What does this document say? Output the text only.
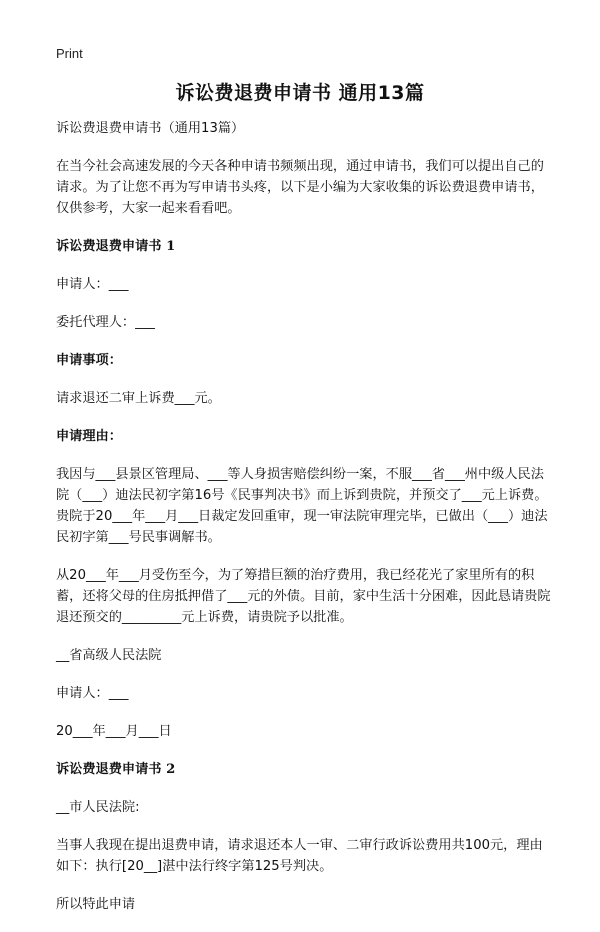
Print
诉讼费退费申请书 通用13篇

诉讼费退费申请书（通用13篇）

在当今社会高速发展的今天各种申请书频频出现，通过申请书，我们可以提出自己的请求。为了让您不再为写申请书头疼，以下是小编为大家收集的诉讼费退费申请书，仅供参考，大家一起来看看吧。

诉讼费退费申请书 1

申请人：___

委托代理人：___

申请事项：

请求退还二审上诉费___元。

申请理由：

我因与___县景区管理局、___等人身损害赔偿纠纷一案，不服___省___州中级人民法院（___）迪法民初字第16号《民事判决书》而上诉到贵院，并预交了___元上诉费。贵院于20___年___月___日裁定发回重审，现一审法院审理完毕，已做出（___）迪法民初字第___号民事调解书。

从20___年___月受伤至今，为了筹措巨额的治疗费用，我已经花光了家里所有的积蓄，还将父母的住房抵押借了___元的外债。目前，家中生活十分困难，因此恳请贵院退还预交的_________元上诉费，请贵院予以批准。

__省高级人民法院

申请人：___

20___年___月___日

诉讼费退费申请书 2

__市人民法院:

当事人我现在提出退费申请，请求退还本人一审、二审行政诉讼费用共100元，理由如下：执行[20__]湛中法行终字第125号判决。

所以特此申请
